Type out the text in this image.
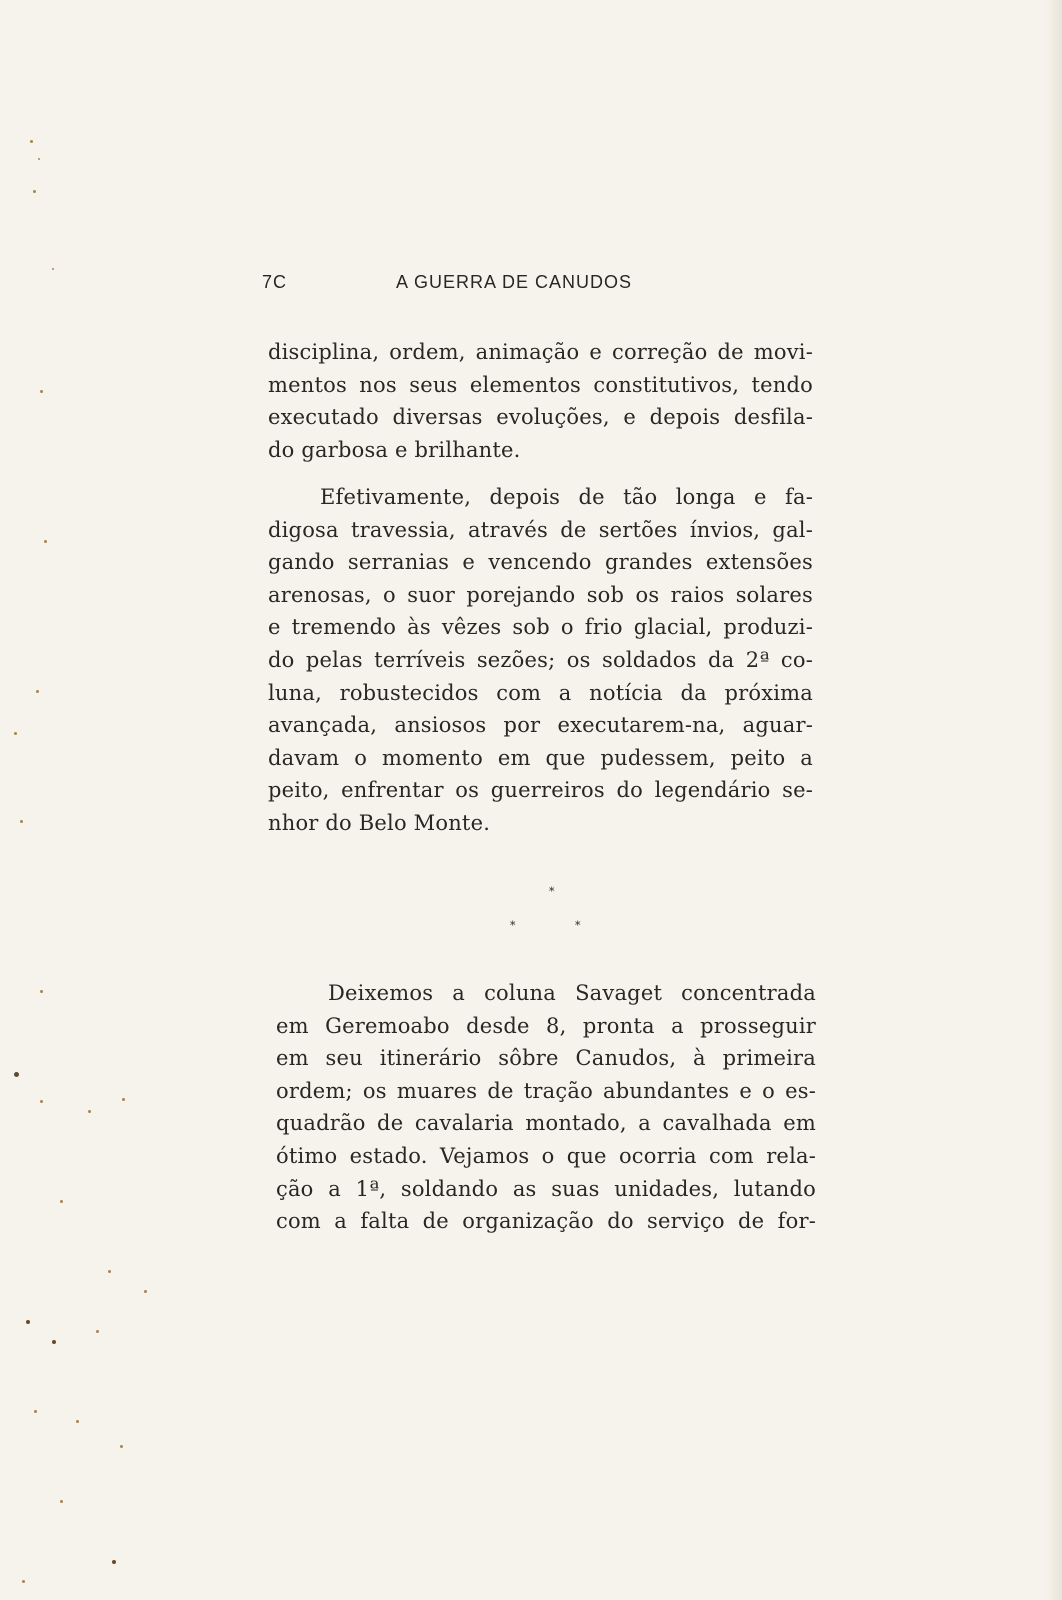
7C	A GUERRA DE CANUDOS
disciplina, ordem, animação e correção de movi-
mentos nos seus elementos constitutivos, tendo
executado diversas evoluções, e depois desfila-
do garbosa e brilhante.
Efetivamente, depois de tão longa e fa-
digosa travessia, através de sertões ínvios, gal-
gando serranias e vencendo grandes extensões
arenosas, o suor porejando sob os raios solares
e tremendo às vêzes sob o frio glacial, produzi-
do pelas terríveis sezões; os soldados da 2ª co-
luna, robustecidos com a notícia da próxima
avançada, ansiosos por executarem-na, aguar-
davam o momento em que pudessem, peito a
peito, enfrentar os guerreiros do legendário se-
nhor do Belo Monte.
*
*	*
Deixemos a coluna Savaget concentrada
em Geremoabo desde 8, pronta a prosseguir
em seu itinerário sôbre Canudos, à primeira
ordem; os muares de tração abundantes e o es-
quadrão de cavalaria montado, a cavalhada em
ótimo estado. Vejamos o que ocorria com rela-
ção a 1ª, soldando as suas unidades, lutando
com a falta de organização do serviço de for-
